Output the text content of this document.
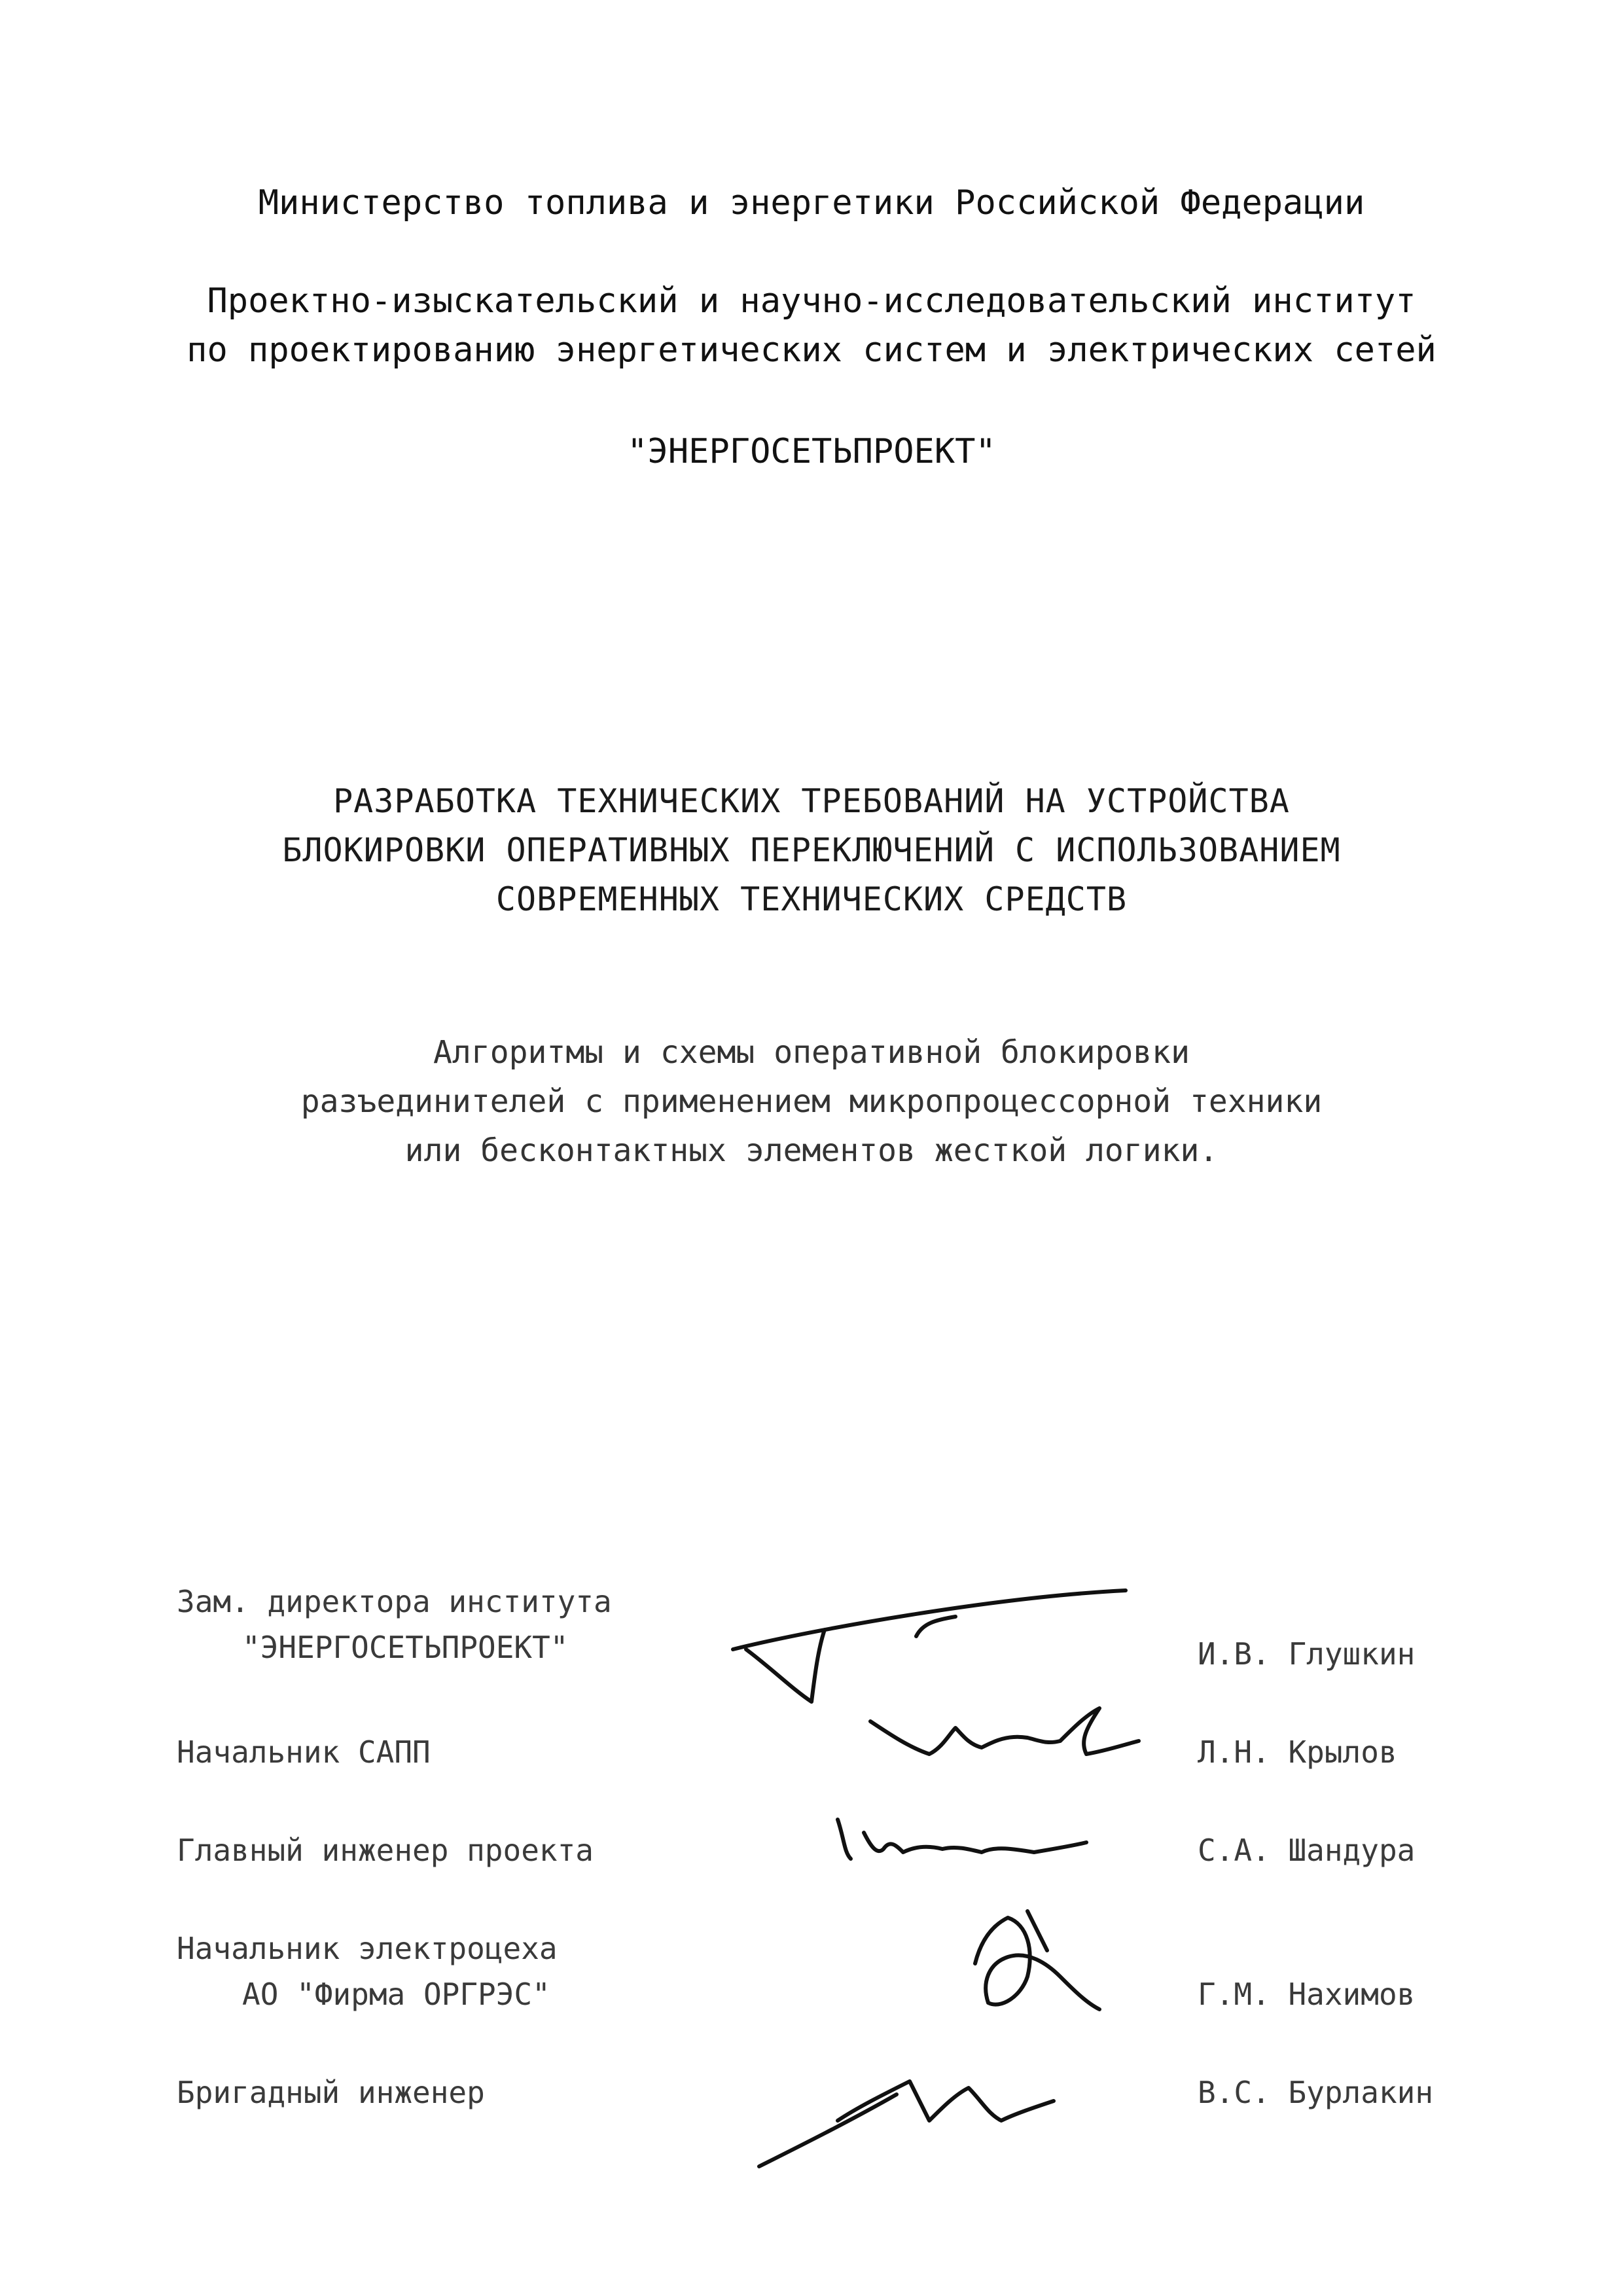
Министерство топлива и энергетики Российской Федерации
Проектно-изыскательский и научно-исследовательский институт
по проектированию энергетических систем и электрических сетей
"ЭНЕРГОСЕТЬПРОЕКТ"
РАЗРАБОТКА ТЕХНИЧЕСКИХ ТРЕБОВАНИЙ НА УСТРОЙСТВА
БЛОКИРОВКИ ОПЕРАТИВНЫХ ПЕРЕКЛЮЧЕНИЙ С ИСПОЛЬЗОВАНИЕМ
СОВРЕМЕННЫХ ТЕХНИЧЕСКИХ СРЕДСТВ
Алгоритмы и схемы оперативной блокировки
разъединителей с применением микропроцессорной техники
или бесконтактных элементов жесткой логики.
Зам. директора института
"ЭНЕРГОСЕТЬПРОЕКТ"	И.В. Глушкин
Начальник САПП	Л.Н. Крылов
Главный инженер проекта	С.А. Шандура
Начальник электроцеха
АО "Фирма ОРГРЭС"	Г.М. Нахимов
Бригадный инженер	В.С. Бурлакин
